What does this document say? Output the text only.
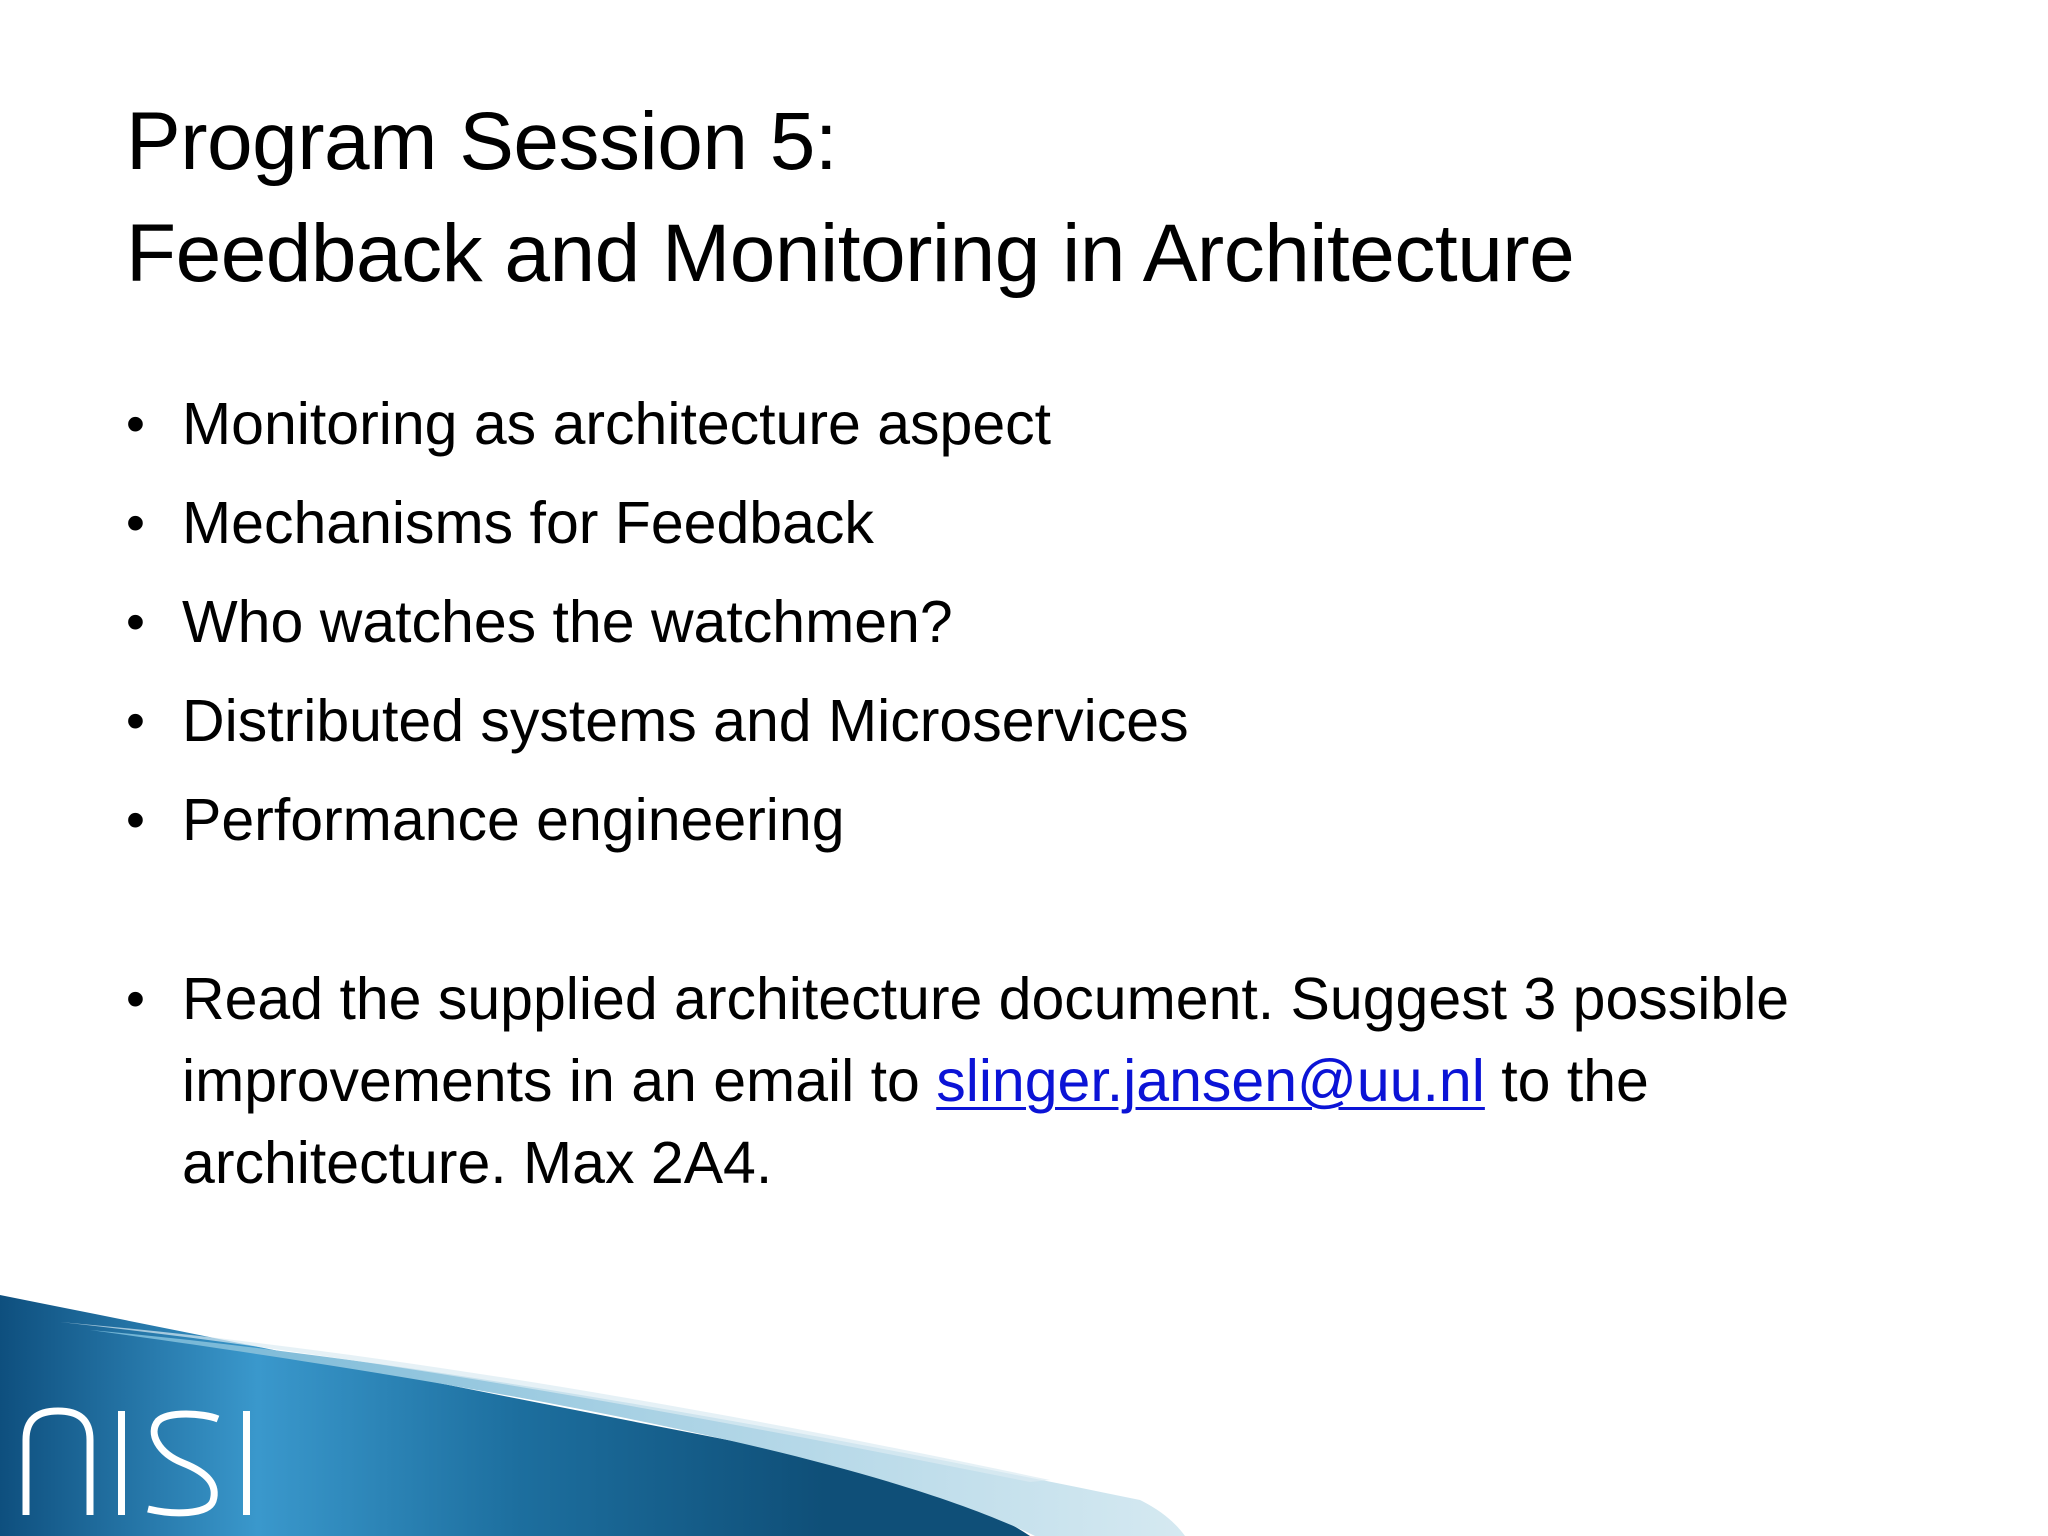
Program Session 5:
Feedback and Monitoring in Architecture
• Monitoring as architecture aspect
• Mechanisms for Feedback
• Who watches the watchmen?
• Distributed systems and Microservices
• Performance engineering

• Read the supplied architecture document. Suggest 3 possible improvements in an email to slinger.jansen@uu.nl to the architecture. Max 2A4.
